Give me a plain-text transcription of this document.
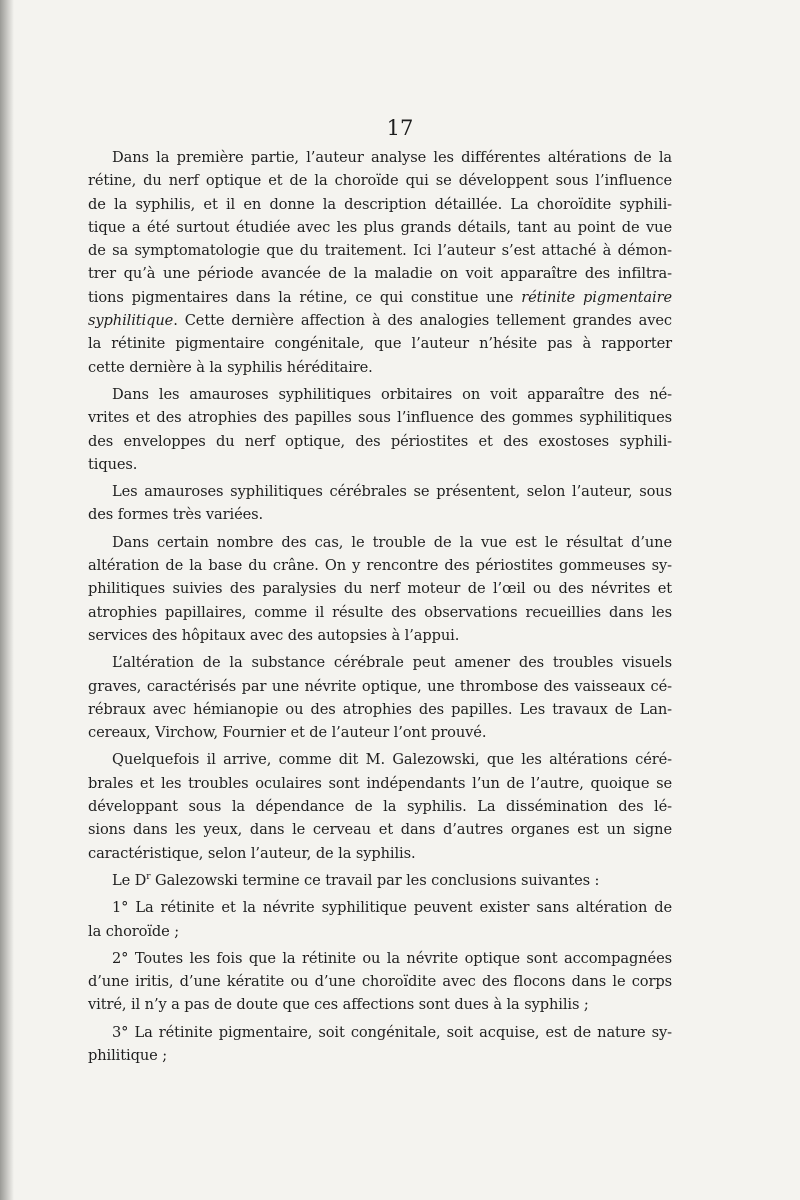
17

Dans la première partie, l’auteur analyse les différentes altérations de la
rétine, du nerf optique et de la choroïde qui se développent sous l’influence
de la syphilis, et il en donne la description détaillée. La choroïdite syphili-
tique a été surtout étudiée avec les plus grands détails, tant au point de vue
de sa symptomatologie que du traitement. Ici l’auteur s’est attaché à démon-
trer qu’à une période avancée de la maladie on voit apparaître des infiltra-
tions pigmentaires dans la rétine, ce qui constitue une rétinite pigmentaire
syphilitique. Cette dernière affection à des analogies tellement grandes avec
la rétinite pigmentaire congénitale, que l’auteur n’hésite pas à rapporter
cette dernière à la syphilis héréditaire.

Dans les amauroses syphilitiques orbitaires on voit apparaître des né-
vrites et des atrophies des papilles sous l’influence des gommes syphilitiques
des enveloppes du nerf optique, des périostites et des exostoses syphili-
tiques.

Les amauroses syphilitiques cérébrales se présentent, selon l’auteur, sous
des formes très variées.

Dans certain nombre des cas, le trouble de la vue est le résultat d’une
altération de la base du crâne. On y rencontre des périostites gommeuses sy-
philitiques suivies des paralysies du nerf moteur de l’œil ou des névrites et
atrophies papillaires, comme il résulte des observations recueillies dans les
services des hôpitaux avec des autopsies à l’appui.

L’altération de la substance cérébrale peut amener des troubles visuels
graves, caractérisés par une névrite optique, une thrombose des vaisseaux cé-
rébraux avec hémianopie ou des atrophies des papilles. Les travaux de Lan-
cereaux, Virchow, Fournier et de l’auteur l’ont prouvé.

Quelquefois il arrive, comme dit M. Galezowski, que les altérations céré-
brales et les troubles oculaires sont indépendants l’un de l’autre, quoique se
développant sous la dépendance de la syphilis. La dissémination des lé-
sions dans les yeux, dans le cerveau et dans d’autres organes est un signe
caractéristique, selon l’auteur, de la syphilis.

Le $D^r$ Galezowski termine ce travail par les conclusions suivantes :

1° La rétinite et la névrite syphilitique peuvent exister sans altération de
la choroïde ;

2° Toutes les fois que la rétinite ou la névrite optique sont accompagnées
d’une iritis, d’une kératite ou d’une choroïdite avec des flocons dans le corps
vitré, il n’y a pas de doute que ces affections sont dues à la syphilis ;

3° La rétinite pigmentaire, soit congénitale, soit acquise, est de nature sy-
philitique ;
